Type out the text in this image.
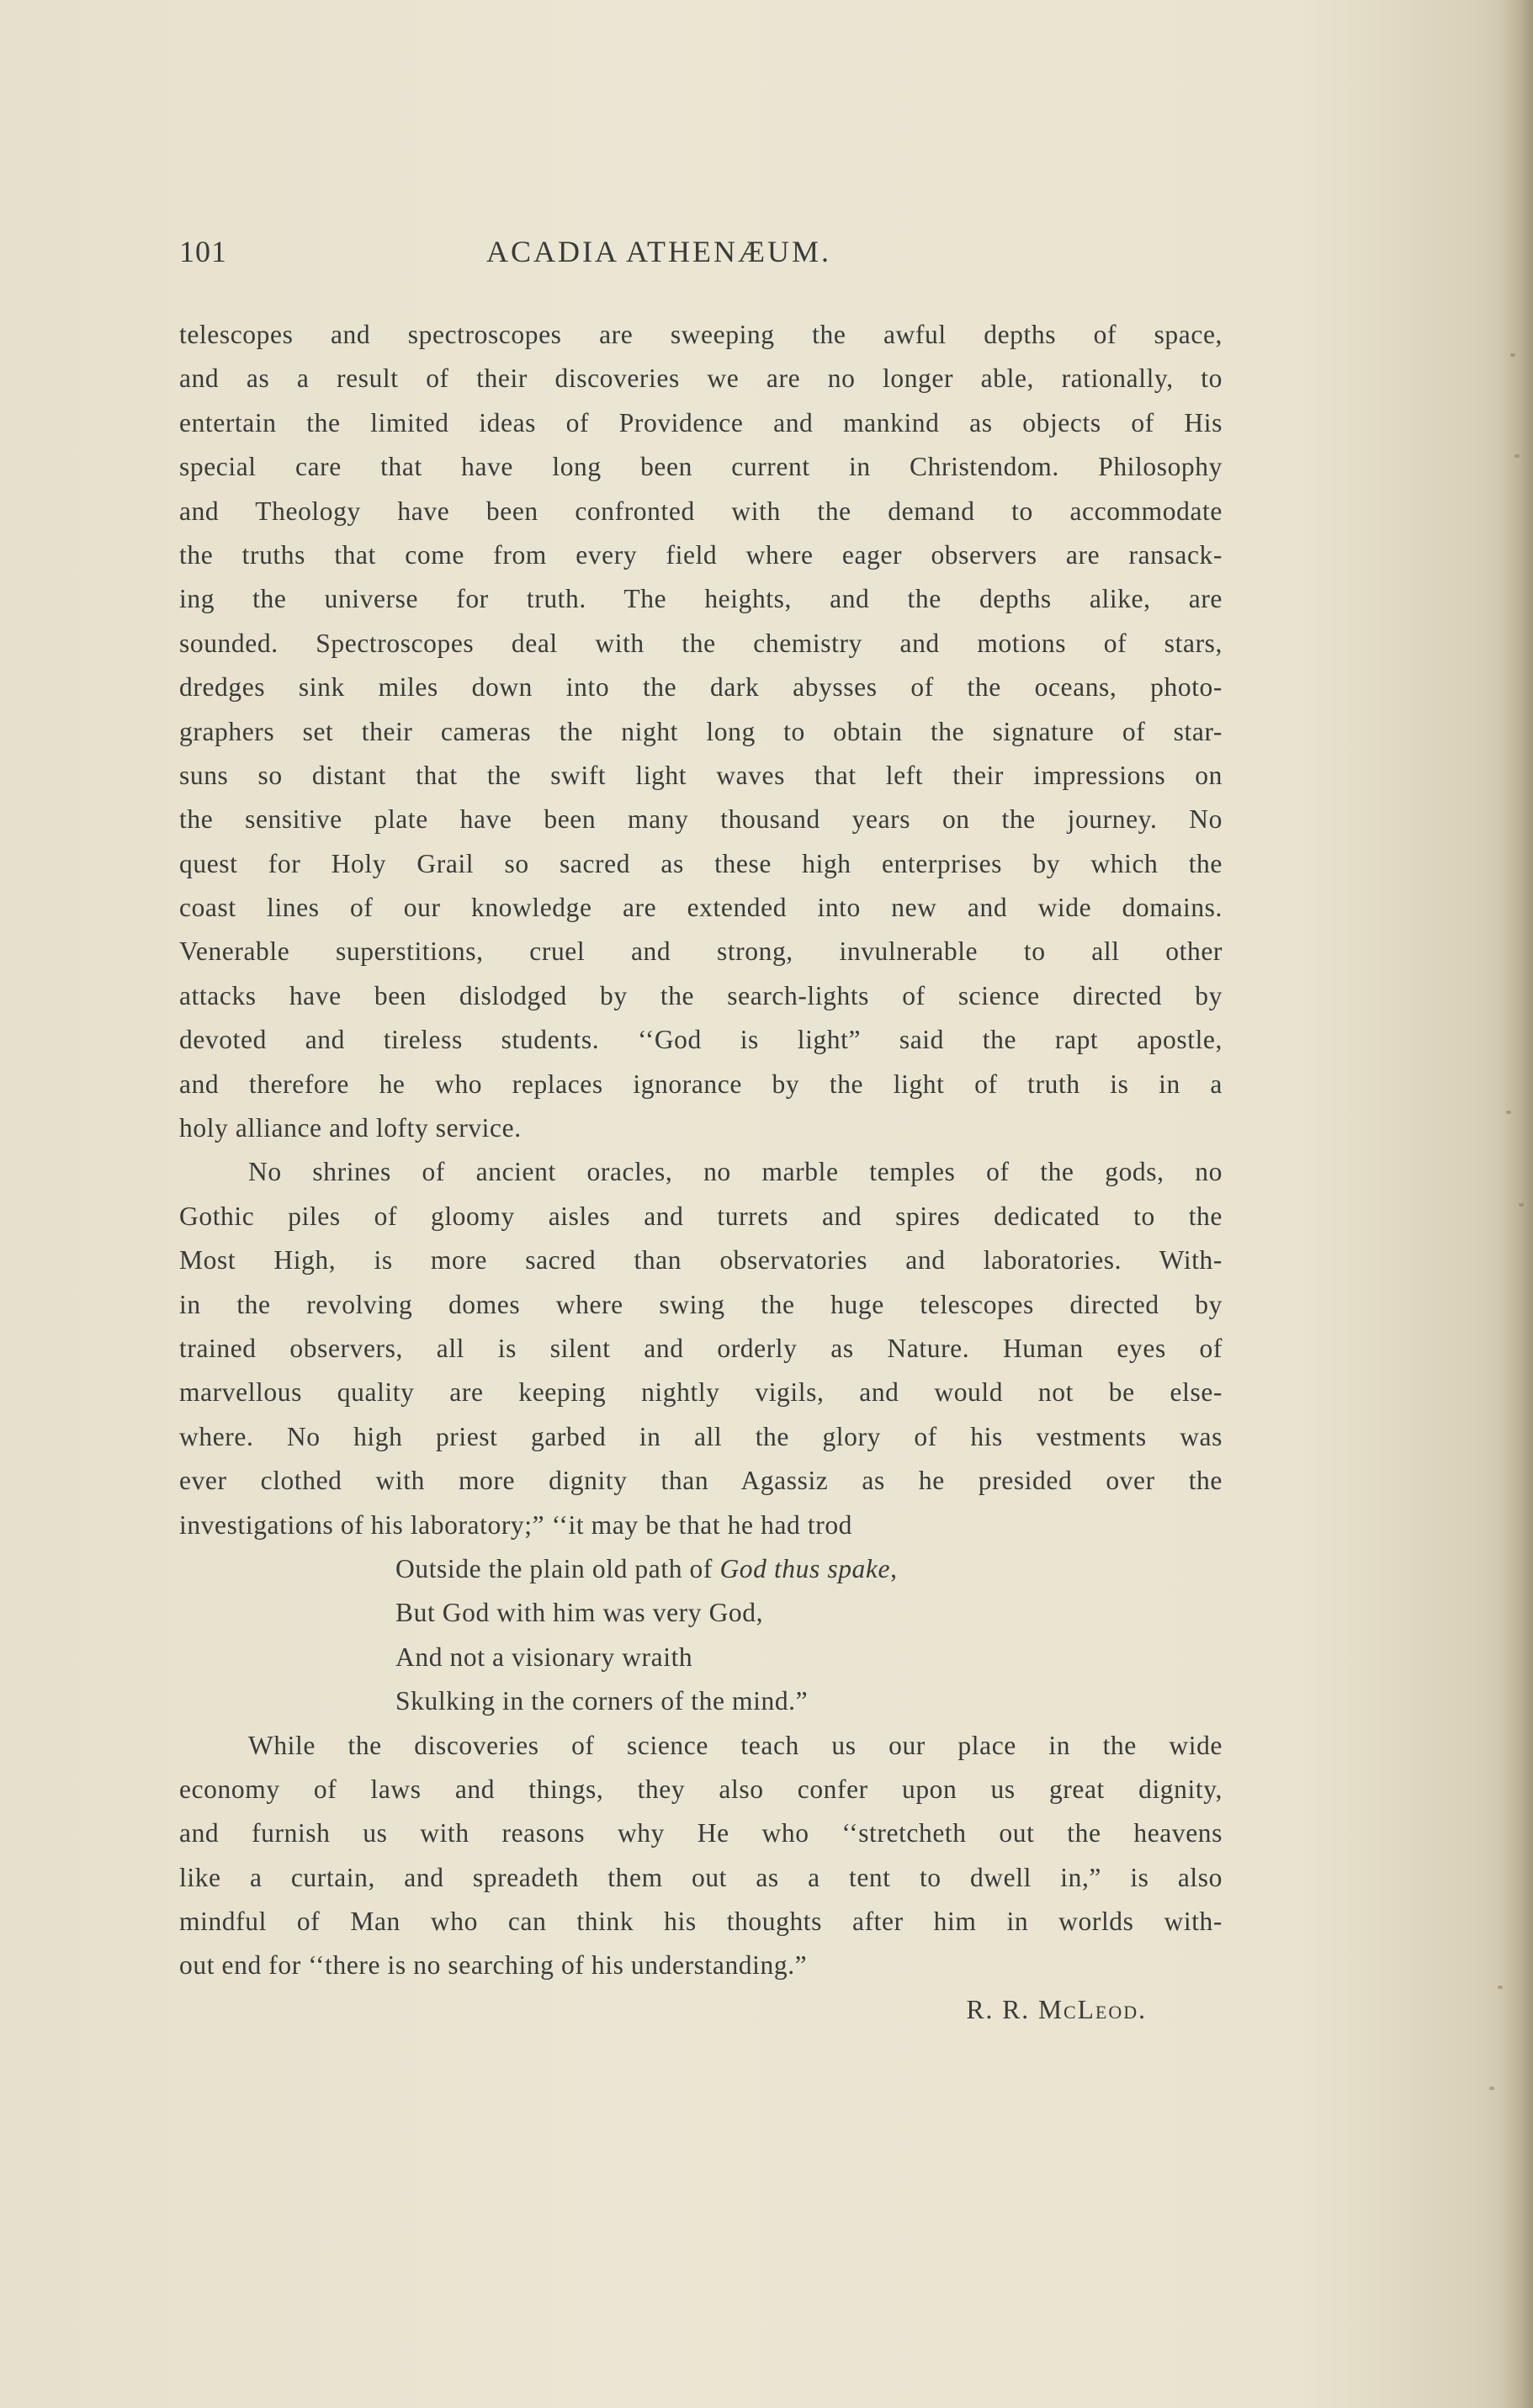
101	ACADIA ATHENÆUM.
telescopes and spectroscopes are sweeping the awful depths of space,
and as a result of their discoveries we are no longer able, rationally, to
entertain the limited ideas of Providence and mankind as objects of His
special care that have long been current in Christendom. Philosophy
and Theology have been confronted with the demand to accommodate
the truths that come from every field where eager observers are ransack-
ing the universe for truth. The heights, and the depths alike, are
sounded. Spectroscopes deal with the chemistry and motions of stars,
dredges sink miles down into the dark abysses of the oceans, photo-
graphers set their cameras the night long to obtain the signature of star-
suns so distant that the swift light waves that left their impressions on
the sensitive plate have been many thousand years on the journey. No
quest for Holy Grail so sacred as these high enterprises by which the
coast lines of our knowledge are extended into new and wide domains.
Venerable superstitions, cruel and strong, invulnerable to all other
attacks have been dislodged by the search-lights of science directed by
devoted and tireless students. ‘‘God is light” said the rapt apostle,
and therefore he who replaces ignorance by the light of truth is in a
holy alliance and lofty service.
No shrines of ancient oracles, no marble temples of the gods, no
Gothic piles of gloomy aisles and turrets and spires dedicated to the
Most High, is more sacred than observatories and laboratories. With-
in the revolving domes where swing the huge telescopes directed by
trained observers, all is silent and orderly as Nature. Human eyes of
marvellous quality are keeping nightly vigils, and would not be else-
where. No high priest garbed in all the glory of his vestments was
ever clothed with more dignity than Agassiz as he presided over the
investigations of his laboratory;” ‘‘it may be that he had trod
Outside the plain old path of God thus spake,
But God with him was very God,
And not a visionary wraith
Skulking in the corners of the mind.”
While the discoveries of science teach us our place in the wide
economy of laws and things, they also confer upon us great dignity,
and furnish us with reasons why He who ‘‘stretcheth out the heavens
like a curtain, and spreadeth them out as a tent to dwell in,” is also
mindful of Man who can think his thoughts after him in worlds with-
out end for ‘‘there is no searching of his understanding.”
R. R. McLeod.
